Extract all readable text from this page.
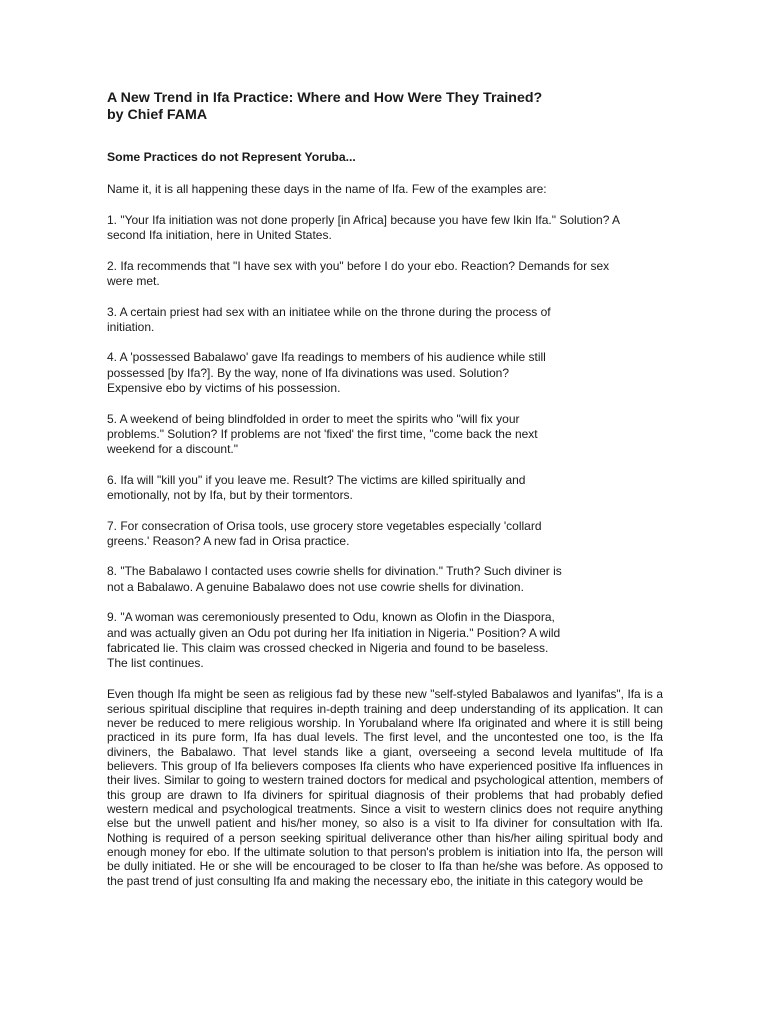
A New Trend in Ifa Practice: Where and How Were They Trained?
by Chief FAMA

Some Practices do not Represent Yoruba...

Name it, it is all happening these days in the name of Ifa. Few of the examples are:

1. "Your Ifa initiation was not done properly [in Africa] because you have few Ikin Ifa." Solution? A
second Ifa initiation, here in United States.

2. Ifa recommends that "I have sex with you" before I do your ebo. Reaction? Demands for sex
were met.

3. A certain priest had sex with an initiatee while on the throne during the process of
initiation.

4. A 'possessed Babalawo' gave Ifa readings to members of his audience while still
possessed [by Ifa?]. By the way, none of Ifa divinations was used. Solution?
Expensive ebo by victims of his possession.

5. A weekend of being blindfolded in order to meet the spirits who "will fix your
problems." Solution? If problems are not 'fixed' the first time, "come back the next
weekend for a discount."

6. Ifa will "kill you" if you leave me. Result? The victims are killed spiritually and
emotionally, not by Ifa, but by their tormentors.

7. For consecration of Orisa tools, use grocery store vegetables especially 'collard
greens.' Reason? A new fad in Orisa practice.

8. "The Babalawo I contacted uses cowrie shells for divination." Truth? Such diviner is
not a Babalawo. A genuine Babalawo does not use cowrie shells for divination.

9. "A woman was ceremoniously presented to Odu, known as Olofin in the Diaspora,
and was actually given an Odu pot during her Ifa initiation in Nigeria." Position? A wild
fabricated lie. This claim was crossed checked in Nigeria and found to be baseless.
The list continues.

Even though Ifa might be seen as religious fad by these new "self-styled Babalawos and Iyanifas", Ifa is a serious spiritual discipline that requires in-depth training and deep understanding of its application. It can never be reduced to mere religious worship. In Yorubaland where Ifa originated and where it is still being practiced in its pure form, Ifa has dual levels. The first level, and the uncontested one too, is the Ifa diviners, the Babalawo. That level stands like a giant, overseeing a second levela multitude of Ifa believers. This group of Ifa believers composes Ifa clients who have experienced positive Ifa influences in their lives. Similar to going to western trained doctors for medical and psychological attention, members of this group are drawn to Ifa diviners for spiritual diagnosis of their problems that had probably defied western medical and psychological treatments. Since a visit to western clinics does not require anything else but the unwell patient and his/her money, so also is a visit to Ifa diviner for consultation with Ifa. Nothing is required of a person seeking spiritual deliverance other than his/her ailing spiritual body and enough money for ebo. If the ultimate solution to that person's problem is initiation into Ifa, the person will be dully initiated. He or she will be encouraged to be closer to Ifa than he/she was before. As opposed to the past trend of just consulting Ifa and making the necessary ebo, the initiate in this category would be
